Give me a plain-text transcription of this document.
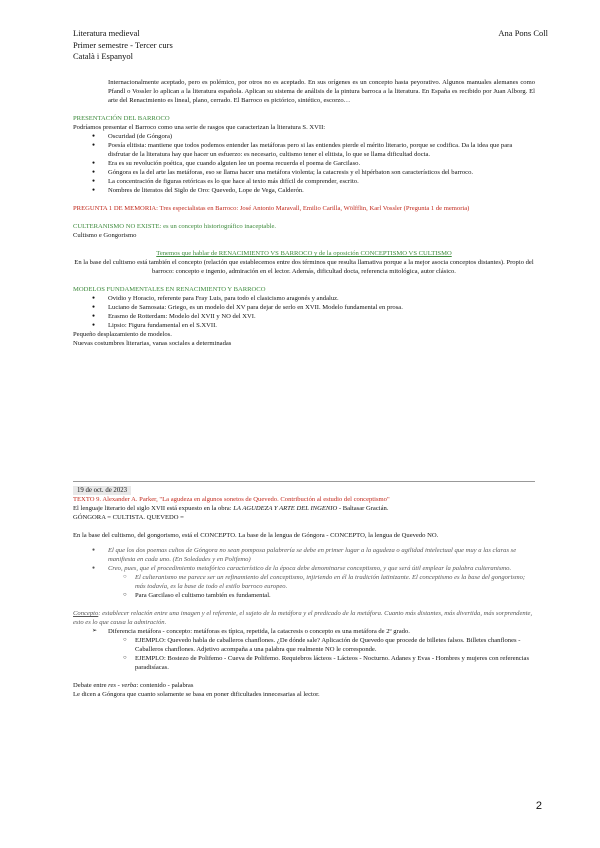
Literatura medieval
Primer semestre - Tercer curs
Català i Espanyol
Ana Pons Coll

Internacionalmente aceptado, pero es polémico, por otros no es aceptado. En sus orígenes es un concepto hasta peyorativo. Algunos manuales alemanes como Pfandl o Vossler lo aplican a la literatura española. Aplican su sistema de análisis de la pintura barroca a la literatura. En España es recibido por Juan Alborg. El arte del Renacimiento es lineal, plano, cerrado. El Barroco es pictórico, sintético, escorzo…

PRESENTACIÓN DEL BARROCO

Podríamos presentar el Barroco como una serie de rasgos que caracterizan la literatura S. XVII:

● Oscuridad (de Góngora)
● Poesía elitista: mantiene que todos podemos entender las metáforas pero si las entiendes pierde el mérito literario, porque se codifica. Da la idea que para disfrutar de la literatura hay que hacer un esfuerzo: es necesario, cultismo tener el elitista, lo que se llama dificultad docta.
● Era es su revolución poética, que cuando alguien lee un poema recuerda el poema de Garcilaso.
● Góngora es la del arte las metáforas, eso se llama hacer una metáfora violenta; la catacresis y el hipérbaton son característicos del barroco.
● La concentración de figuras retóricas es lo que hace al texto más difícil de comprender, escrito.
● Nombres de literatos del Siglo de Oro: Quevedo, Lope de Vega, Calderón.

PREGUNTA 1 DE MEMORIA: Tres especialistas en Barroco: José Antonio Maravall, Emilio Carilla, Wölfflin, Karl Vossler (Pregunta 1 de memoria)

CULTERANISMO NO EXISTE: es un concepto historiográfico inaceptable.

Cultismo e Gongorismo

Tenemos que hablar de RENACIMIENTO VS BARROCO y de la oposición CONCEPTISMO VS CULTISMO

En la base del cultismo está también el concepto (relación que establecemos entre dos términos que resulta llamativa porque a la mejor asocia conceptos distantes). Propio del barroco: concepto e ingenio, admiración en el lector. Además, dificultad docta, referencia mitológica, autor clásico.

MODELOS FUNDAMENTALES EN RENACIMIENTO Y BARROCO

● Ovidio y Horacio, referente para Fray Luis, para todo el clasicismo aragonés y andaluz.
● Luciano de Samosata: Griego, es un modelo del XV para dejar de serlo en XVII. Modelo fundamental en prosa.
● Erasmo de Rotterdam: Modelo del XVII y NO del XVI.
● Lipsio: Figura fundamental en el S.XVII.

Pequeño desplazamiento de modelos.

Nuevas costumbres literarias, vanas sociales a determinadas

19 de oct. de 2023

TEXTO 9. Alexander A. Parker, "La agudeza en algunos sonetos de Quevedo. Contribución al estudio del conceptismo"

El lenguaje literario del siglo XVII está expuesto en la obra: LA AGUDEZA Y ARTE DEL INGENIO - Baltasar Gracián.

GÓNGORA = CULTISTA. QUEVEDO =

En la base del cultismo, del gongorismo, está el CONCEPTO. La base de la lengua de Góngora - CONCEPTO, la lengua de Quevedo NO.

● El que los dos poemas cultos de Góngora no sean pomposa palabrería se debe en primer lugar a la agudeza o agilidad intelectual que muy a las claras se manifiesta en cada uno. (En Soledades y en Polifemo)
● Creo, pues, que el procedimiento metafórico característico de la época debe denominarse conceptismo, y que será útil emplear la palabra culteranismo.
○ El culteranismo me parece ser un refinamiento del conceptismo, injiriendo en él la tradición latinizante. El conceptismo es la base del gongorismo; más todavía, es la base de todo el estilo barroco europeo.
○ Para Garcilaso el cultismo también es fundamental.

Concepto: establecer relación entre una imagen y el referente, el sujeto de la metáfora y el predicado de la metáfora. Cuanto más distantes, más divertida, más sorprendente, esto es lo que causa la admiración.

➢ Diferencia metáfora - concepto: metáforas es típica, repetida, la catacresis o concepto es una metáfora de 2º grado.
○ EJEMPLO: Quevedo habla de caballeros chanflones. ¿De dónde sale? Aplicación de Quevedo que procede de billetes falsos. Billetes chanflones - Caballeros chanflones. Adjetivo acompaña a una palabra que realmente NO le corresponde.
○ EJEMPLO: Bostezo de Polifemo - Cueva de Polifemo. Requiebros lácteos - Lácteos - Nocturno. Adanes y Evas - Hombres y mujeres con referencias paradisíacas.

Debate entre res - verba: contenido - palabras

Le dicen a Góngora que cuanto solamente se basa en poner dificultades innecesarias al lector.

2
